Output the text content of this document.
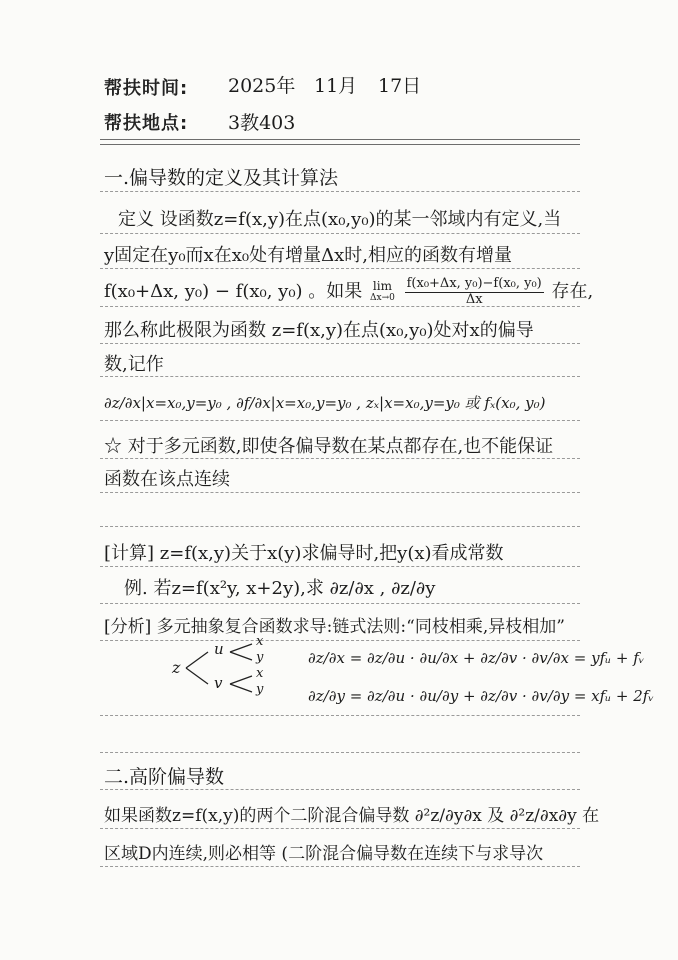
帮扶时间: 2025年 11月 17日
帮扶地点: 3教403
一.偏导数的定义及其计算法
定义 设函数z=f(x,y)在点(x₀,y₀)的某一邻域内有定义,当
y固定在y₀而x在x₀处有增量Δx时,相应的函数有增量
f(x₀+Δx, y₀) − f(x₀, y₀) 。如果 lim
Δx→0
$\frac{\text{f(x₀+Δx, y₀)−f(x₀, y₀)}}{\Delta x}$ 存在,
那么称此极限为函数 z=f(x,y)在点(x₀,y₀)处对x的偏导
数,记作
∂z/∂x|x=x₀,y=y₀ , ∂f/∂x|x=x₀,y=y₀ , zₓ|x=x₀,y=y₀ 或 fₓ(x₀, y₀)
☆ 对于多元函数,即使各偏导数在某点都存在,也不能保证
函数在该点连续
[计算] z=f(x,y)关于x(y)求偏导时,把y(x)看成常数
例. 若z=f(x²y, x+2y),求 ∂z/∂x , ∂z/∂y
[分析] 多元抽象复合函数求导:链式法则:“同枝相乘,异枝相加”
z
u
v
x
y
x
y
∂z/∂x = ∂z/∂u · ∂u/∂x + ∂z/∂v · ∂v/∂x = yfᵤ + fᵥ
∂z/∂y = ∂z/∂u · ∂u/∂y + ∂z/∂v · ∂v/∂y = xfᵤ + 2fᵥ
二.高阶偏导数
如果函数z=f(x,y)的两个二阶混合偏导数 ∂²z/∂y∂x 及 ∂²z/∂x∂y 在
区域D内连续,则必相等 (二阶混合偏导数在连续下与求导次
